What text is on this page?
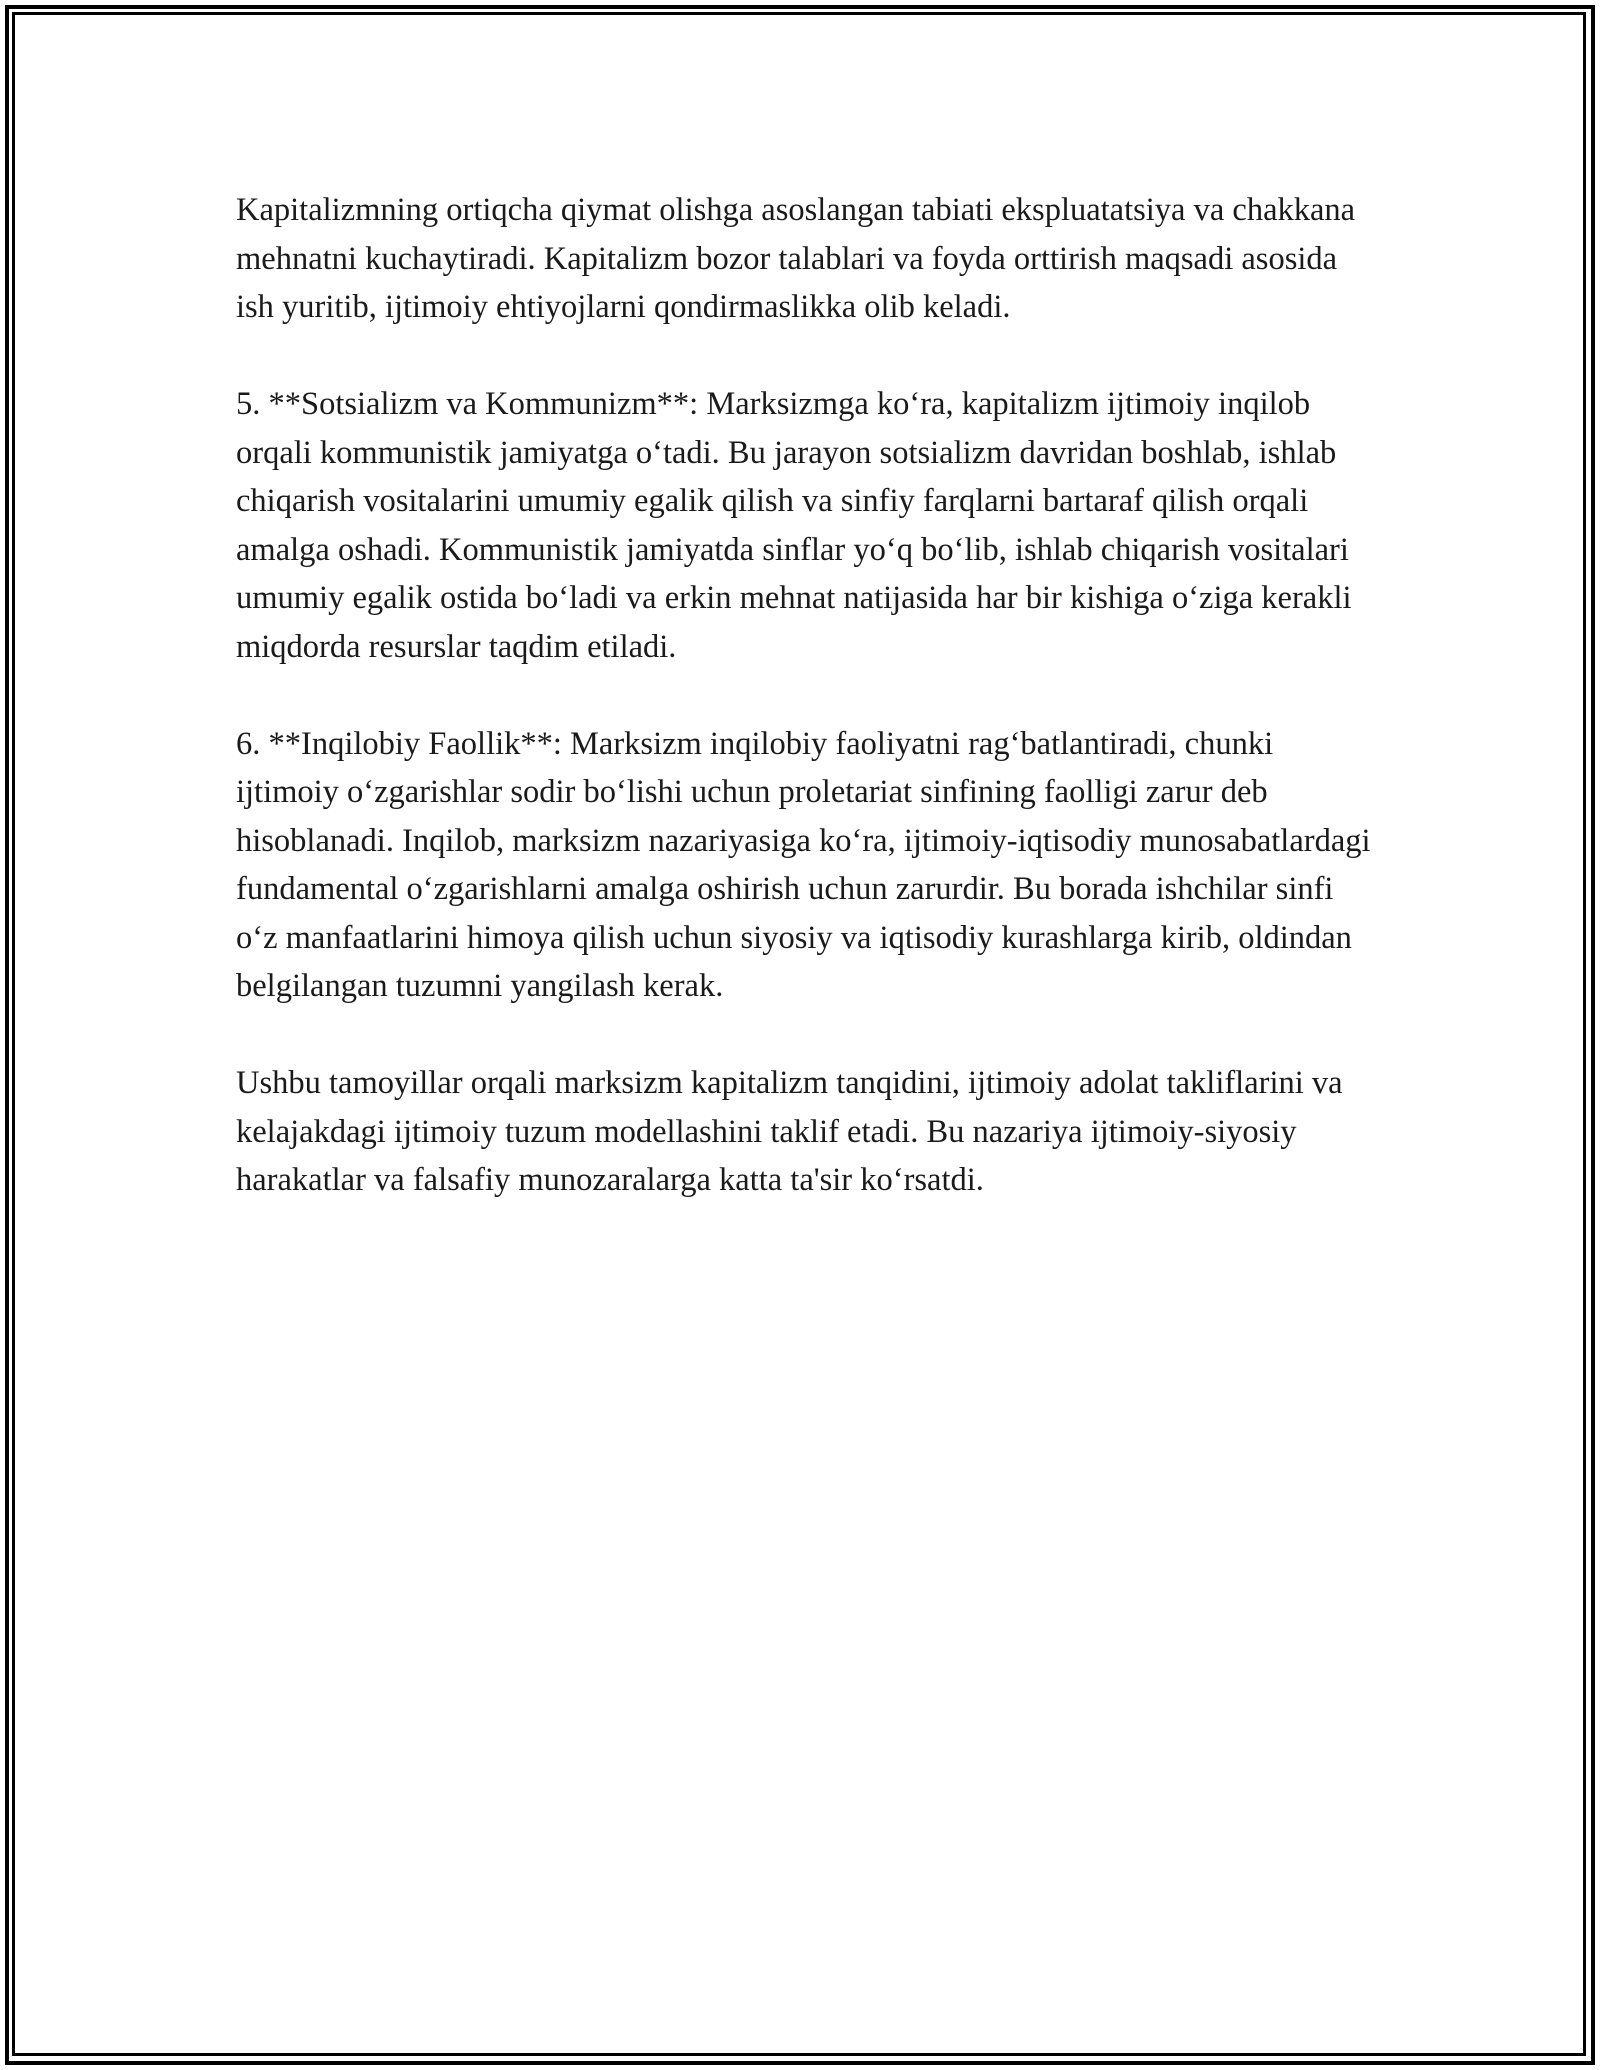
Kapitalizmning ortiqcha qiymat olishga asoslangan tabiati ekspluatatsiya va chakkana mehnatni kuchaytiradi. Kapitalizm bozor talablari va foyda orttirish maqsadi asosida ish yuritib, ijtimoiy ehtiyojlarni qondirmaslikka olib keladi.

5. **Sotsializm va Kommunizm**: Marksizmga koʻra, kapitalizm ijtimoiy inqilob orqali kommunistik jamiyatga oʻtadi. Bu jarayon sotsializm davridan boshlab, ishlab chiqarish vositalarini umumiy egalik qilish va sinfiy farqlarni bartaraf qilish orqali amalga oshadi. Kommunistik jamiyatda sinflar yoʻq boʻlib, ishlab chiqarish vositalari umumiy egalik ostida boʻladi va erkin mehnat natijasida har bir kishiga oʻziga kerakli miqdorda resurslar taqdim etiladi.

6. **Inqilobiy Faollik**: Marksizm inqilobiy faoliyatni ragʻbatlantiradi, chunki ijtimoiy oʻzgarishlar sodir boʻlishi uchun proletariat sinfining faolligi zarur deb hisoblanadi. Inqilob, marksizm nazariyasiga koʻra, ijtimoiy-iqtisodiy munosabatlardagi fundamental oʻzgarishlarni amalga oshirish uchun zarurdir. Bu borada ishchilar sinfi oʻz manfaatlarini himoya qilish uchun siyosiy va iqtisodiy kurashlarga kirib, oldindan belgilangan tuzumni yangilash kerak.

Ushbu tamoyillar orqali marksizm kapitalizm tanqidini, ijtimoiy adolat takliflarini va kelajakdagi ijtimoiy tuzum modellashini taklif etadi. Bu nazariya ijtimoiy-siyosiy harakatlar va falsafiy munozaralarga katta ta'sir koʻrsatdi.
